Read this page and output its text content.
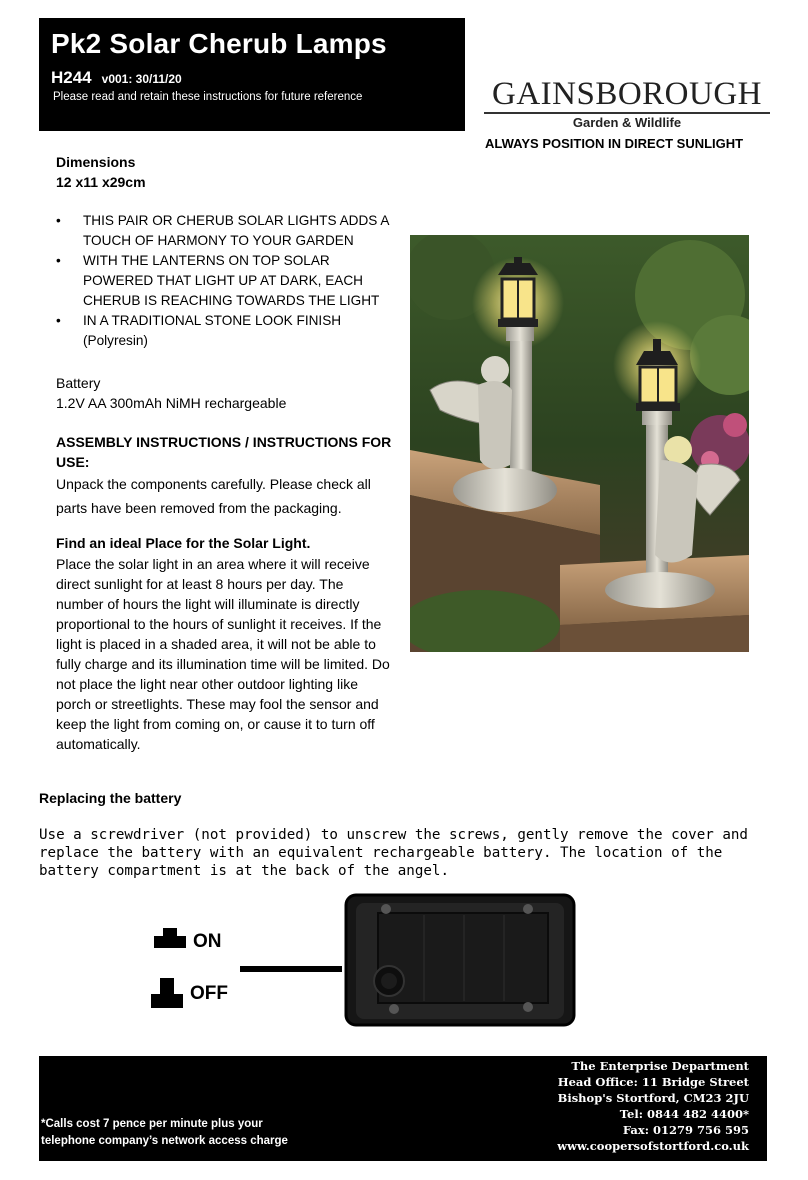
Pk2 Solar Cherub Lamps
H244 v001: 30/11/20
Please read and retain these instructions for future reference	GAINSBOROUGH
Garden & Wildlife
ALWAYS POSITION IN DIRECT SUNLIGHT
Dimensions
12 x11 x29cm
• THIS PAIR OR CHERUB SOLAR LIGHTS ADDS A TOUCH OF HARMONY TO YOUR GARDEN
• WITH THE LANTERNS ON TOP SOLAR POWERED THAT LIGHT UP AT DARK, EACH CHERUB IS REACHING TOWARDS THE LIGHT
• IN A TRADITIONAL STONE LOOK FINISH (Polyresin)
Battery
1.2V AA 300mAh NiMH rechargeable
ASSEMBLY INSTRUCTIONS / INSTRUCTIONS FOR USE:
Unpack the components carefully. Please check all parts have been removed from the packaging.
Find an ideal Place for the Solar Light.
Place the solar light in an area where it will receive direct sunlight for at least 8 hours per day. The number of hours the light will illuminate is directly proportional to the hours of sunlight it receives. If the light is placed in a shaded area, it will not be able to fully charge and its illumination time will be limited. Do not place the light near other outdoor lighting like porch or streetlights. These may fool the sensor and keep the light from coming on, or cause it to turn off automatically.
Replacing the battery
Use a screwdriver (not provided) to unscrew the screws, gently remove the cover and replace the battery with an equivalent rechargeable battery. The location of the battery compartment is at the back of the angel.
ON
OFF
The Enterprise Department
Head Office: 11 Bridge Street
Bishop's Stortford, CM23 2JU
Tel: 0844 482 4400*
Fax: 01279 756 595
www.coopersofstortford.co.uk
*Calls cost 7 pence per minute plus your
telephone company’s network access charge
